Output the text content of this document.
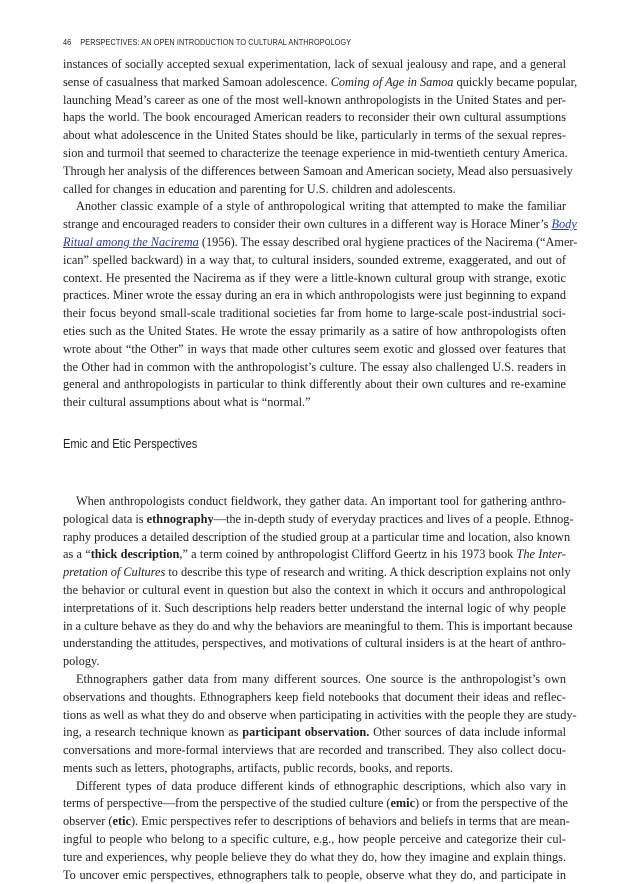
46 PERSPECTIVES: AN OPEN INTRODUCTION TO CULTURAL ANTHROPOLOGY
instances of socially accepted sexual experimentation, lack of sexual jealousy and rape, and a general
sense of casualness that marked Samoan adolescence. Coming of Age in Samoa quickly became popular,
launching Mead’s career as one of the most well-known anthropologists in the United States and per-
haps the world. The book encouraged American readers to reconsider their own cultural assumptions
about what adolescence in the United States should be like, particularly in terms of the sexual repres-
sion and turmoil that seemed to characterize the teenage experience in mid-twentieth century America.
Through her analysis of the differences between Samoan and American society, Mead also persuasively
called for changes in education and parenting for U.S. children and adolescents.
Another classic example of a style of anthropological writing that attempted to make the familiar
strange and encouraged readers to consider their own cultures in a different way is Horace Miner’s Body
Ritual among the Nacirema (1956). The essay described oral hygiene practices of the Nacirema (“Amer-
ican” spelled backward) in a way that, to cultural insiders, sounded extreme, exaggerated, and out of
context. He presented the Nacirema as if they were a little-known cultural group with strange, exotic
practices. Miner wrote the essay during an era in which anthropologists were just beginning to expand
their focus beyond small-scale traditional societies far from home to large-scale post-industrial soci-
eties such as the United States. He wrote the essay primarily as a satire of how anthropologists often
wrote about “the Other” in ways that made other cultures seem exotic and glossed over features that
the Other had in common with the anthropologist’s culture. The essay also challenged U.S. readers in
general and anthropologists in particular to think differently about their own cultures and re-examine
their cultural assumptions about what is “normal.”
Emic and Etic Perspectives
When anthropologists conduct fieldwork, they gather data. An important tool for gathering anthro-
pological data is ethnography—the in-depth study of everyday practices and lives of a people. Ethnog-
raphy produces a detailed description of the studied group at a particular time and location, also known
as a “thick description,” a term coined by anthropologist Clifford Geertz in his 1973 book The Inter-
pretation of Cultures to describe this type of research and writing. A thick description explains not only
the behavior or cultural event in question but also the context in which it occurs and anthropological
interpretations of it. Such descriptions help readers better understand the internal logic of why people
in a culture behave as they do and why the behaviors are meaningful to them. This is important because
understanding the attitudes, perspectives, and motivations of cultural insiders is at the heart of anthro-
pology.
Ethnographers gather data from many different sources. One source is the anthropologist’s own
observations and thoughts. Ethnographers keep field notebooks that document their ideas and reflec-
tions as well as what they do and observe when participating in activities with the people they are study-
ing, a research technique known as participant observation. Other sources of data include informal
conversations and more-formal interviews that are recorded and transcribed. They also collect docu-
ments such as letters, photographs, artifacts, public records, books, and reports.
Different types of data produce different kinds of ethnographic descriptions, which also vary in
terms of perspective—from the perspective of the studied culture (emic) or from the perspective of the
observer (etic). Emic perspectives refer to descriptions of behaviors and beliefs in terms that are mean-
ingful to people who belong to a specific culture, e.g., how people perceive and categorize their cul-
ture and experiences, why people believe they do what they do, how they imagine and explain things.
To uncover emic perspectives, ethnographers talk to people, observe what they do, and participate in
